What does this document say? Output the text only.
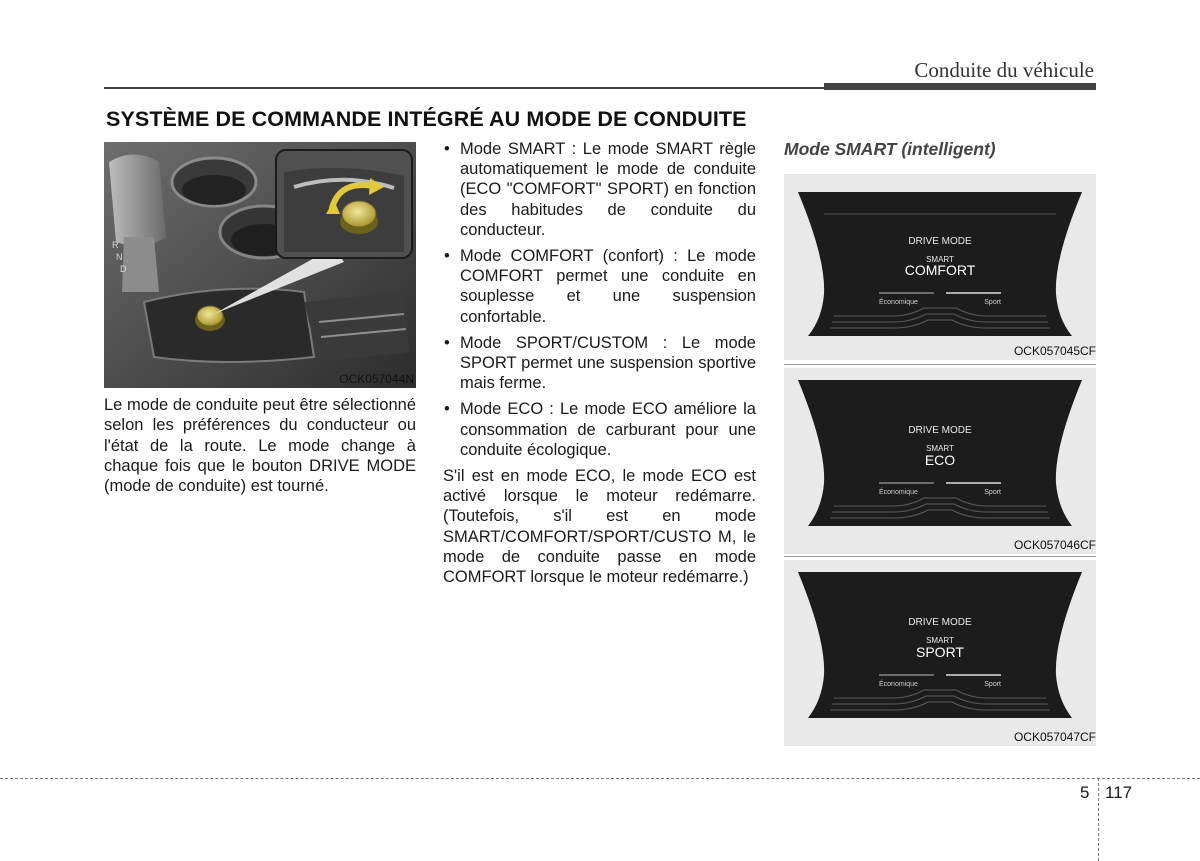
Conduite du véhicule
SYSTÈME DE COMMANDE INTÉGRÉ AU MODE DE CONDUITE
R
N
D
OCK057044N

Le mode de conduite peut être sélectionné selon les préférences du conducteur ou l'état de la route. Le mode change à chaque fois que le bouton DRIVE MODE (mode de conduite) est tourné.

• Mode SMART : Le mode SMART règle automatiquement le mode de conduite (ECO "COMFORT" SPORT) en fonction des habitudes de conduite du conducteur.
• Mode COMFORT (confort) : Le mode COMFORT permet une conduite en souplesse et une suspension confortable.
• Mode SPORT/CUSTOM : Le mode SPORT permet une suspension sportive mais ferme.
• Mode ECO : Le mode ECO améliore la consommation de carburant pour une conduite écologique.

S'il est en mode ECO, le mode ECO est activé lorsque le moteur redémarre. (Toutefois, s'il est en mode SMART/COMFORT/SPORT/CUSTO M, le mode de conduite passe en mode COMFORT lorsque le moteur redémarre.)

Mode SMART (intelligent)
DRIVE MODE
SMART
COMFORT
Économique	Sport
OCK057045CF
DRIVE MODE
SMART
ECO
Économique	Sport
OCK057046CF
DRIVE MODE
SMART
SPORT
Économique	Sport
OCK057047CF
5 117
